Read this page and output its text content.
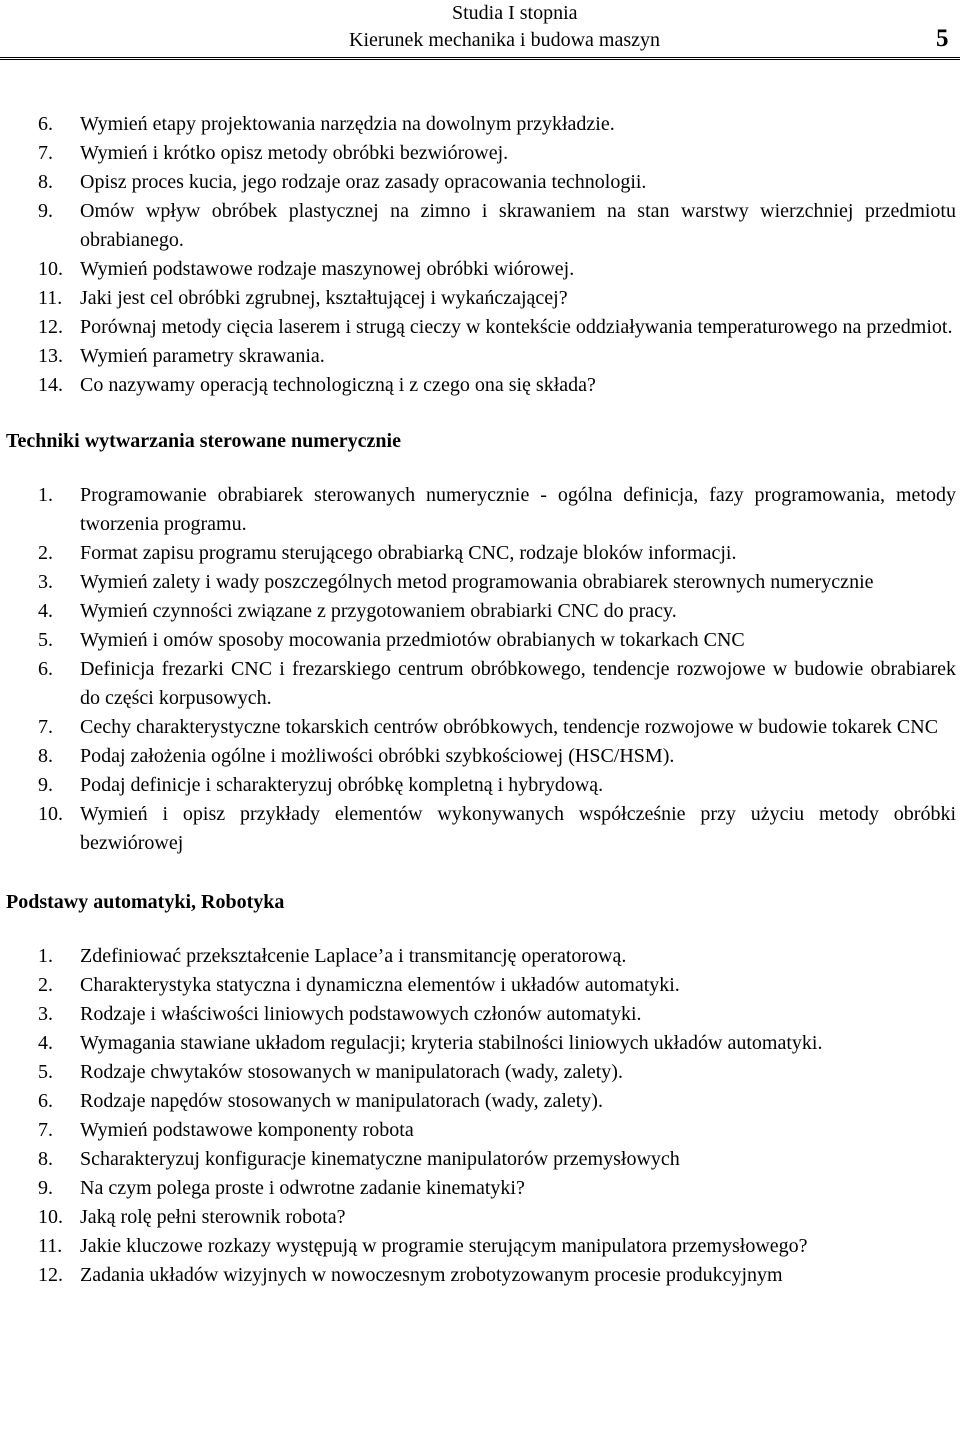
Studia I stopnia
Kierunek mechanika i budowa maszyn	5
6.	Wymień etapy projektowania narzędzia na dowolnym przykładzie.
7.	Wymień i krótko opisz metody obróbki bezwiórowej.
8.	Opisz proces kucia, jego rodzaje oraz zasady opracowania technologii.
9.	Omów wpływ obróbek plastycznej na zimno i skrawaniem na stan warstwy wierzchniej przedmiotu obrabianego.
10. Wymień podstawowe rodzaje maszynowej obróbki wiórowej.
11. Jaki jest cel obróbki zgrubnej, kształtującej i wykańczającej?
12. Porównaj metody cięcia laserem i strugą cieczy w kontekście oddziaływania temperaturowego na przedmiot.
13. Wymień parametry skrawania.
14. Co nazywamy operacją technologiczną i z czego ona się składa?
Techniki wytwarzania sterowane numerycznie
1.	Programowanie obrabiarek sterowanych numerycznie - ogólna definicja, fazy programowania, metody tworzenia programu.
2.	Format zapisu programu sterującego obrabiarką CNC, rodzaje bloków informacji.
3.	Wymień zalety i wady poszczególnych metod programowania obrabiarek sterownych numerycznie
4.	Wymień czynności związane z przygotowaniem obrabiarki CNC do pracy.
5.	Wymień i omów sposoby mocowania przedmiotów obrabianych w tokarkach CNC
6.	Definicja frezarki CNC i frezarskiego centrum obróbkowego, tendencje rozwojowe w budowie obrabiarek do części korpusowych.
7.	Cechy charakterystyczne tokarskich centrów obróbkowych, tendencje rozwojowe w budowie tokarek CNC
8.	Podaj założenia ogólne i możliwości obróbki szybkościowej (HSC/HSM).
9.	Podaj definicje i scharakteryzuj obróbkę kompletną i hybrydową.
10. Wymień i opisz przykłady elementów wykonywanych współcześnie przy użyciu metody obróbki bezwiórowej
Podstawy automatyki, Robotyka
1.	Zdefiniować przekształcenie Laplace’a i transmitancję operatorową.
2.	Charakterystyka statyczna i dynamiczna elementów i układów automatyki.
3.	Rodzaje i właściwości liniowych podstawowych członów automatyki.
4.	Wymagania stawiane układom regulacji; kryteria stabilności liniowych układów automatyki.
5.	Rodzaje chwytaków stosowanych w manipulatorach (wady, zalety).
6.	Rodzaje napędów stosowanych w manipulatorach (wady, zalety).
7.	Wymień podstawowe komponenty robota
8.	Scharakteryzuj konfiguracje kinematyczne manipulatorów przemysłowych
9.	Na czym polega proste i odwrotne zadanie kinematyki?
10. Jaką rolę pełni sterownik robota?
11. Jakie kluczowe rozkazy występują w programie sterującym manipulatora przemysłowego?
12. Zadania układów wizyjnych w nowoczesnym zrobotyzowanym procesie produkcyjnym
